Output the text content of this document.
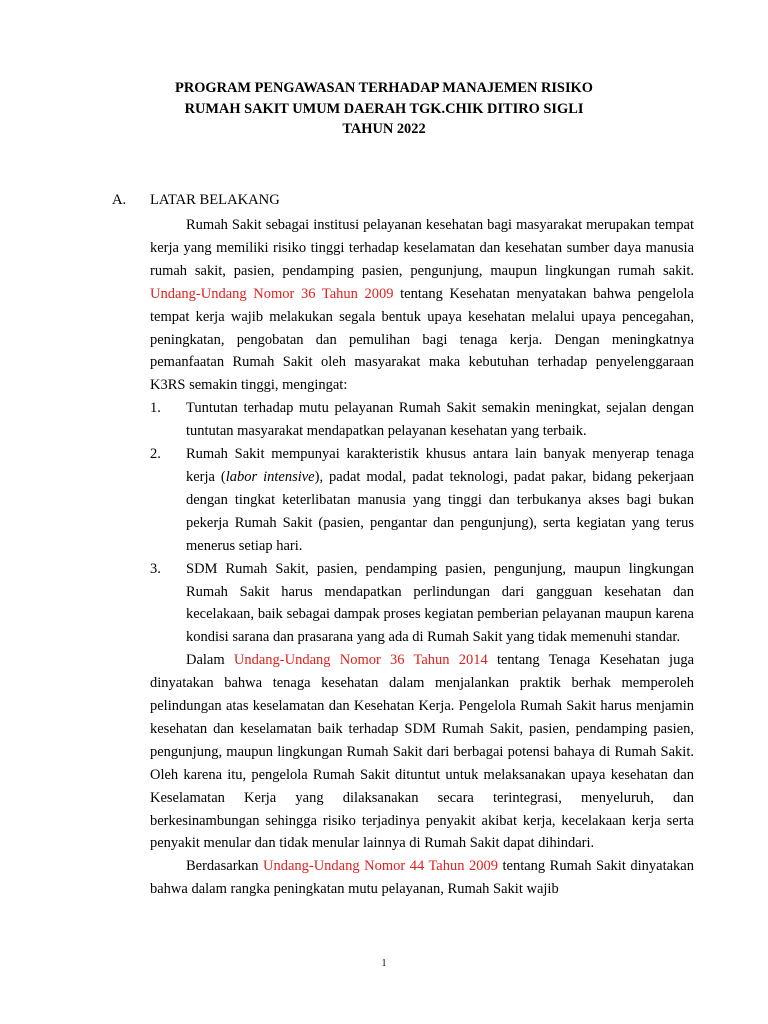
PROGRAM PENGAWASAN TERHADAP MANAJEMEN RISIKO
RUMAH SAKIT UMUM DAERAH TGK.CHIK DITIRO SIGLI
TAHUN 2022
A. LATAR BELAKANG

Rumah Sakit sebagai institusi pelayanan kesehatan bagi masyarakat merupakan tempat kerja yang memiliki risiko tinggi terhadap keselamatan dan kesehatan sumber daya manusia rumah sakit, pasien, pendamping pasien, pengunjung, maupun lingkungan rumah sakit. Undang-Undang Nomor 36 Tahun 2009 tentang Kesehatan menyatakan bahwa pengelola tempat kerja wajib melakukan segala bentuk upaya kesehatan melalui upaya pencegahan, peningkatan, pengobatan dan pemulihan bagi tenaga kerja. Dengan meningkatnya pemanfaatan Rumah Sakit oleh masyarakat maka kebutuhan terhadap penyelenggaraan K3RS semakin tinggi, mengingat:

1. Tuntutan terhadap mutu pelayanan Rumah Sakit semakin meningkat, sejalan dengan tuntutan masyarakat mendapatkan pelayanan kesehatan yang terbaik.
2. Rumah Sakit mempunyai karakteristik khusus antara lain banyak menyerap tenaga kerja (labor intensive), padat modal, padat teknologi, padat pakar, bidang pekerjaan dengan tingkat keterlibatan manusia yang tinggi dan terbukanya akses bagi bukan pekerja Rumah Sakit (pasien, pengantar dan pengunjung), serta kegiatan yang terus menerus setiap hari.
3. SDM Rumah Sakit, pasien, pendamping pasien, pengunjung, maupun lingkungan Rumah Sakit harus mendapatkan perlindungan dari gangguan kesehatan dan kecelakaan, baik sebagai dampak proses kegiatan pemberian pelayanan maupun karena kondisi sarana dan prasarana yang ada di Rumah Sakit yang tidak memenuhi standar.

Dalam Undang-Undang Nomor 36 Tahun 2014 tentang Tenaga Kesehatan juga dinyatakan bahwa tenaga kesehatan dalam menjalankan praktik berhak memperoleh pelindungan atas keselamatan dan Kesehatan Kerja. Pengelola Rumah Sakit harus menjamin kesehatan dan keselamatan baik terhadap SDM Rumah Sakit, pasien, pendamping pasien, pengunjung, maupun lingkungan Rumah Sakit dari berbagai potensi bahaya di Rumah Sakit. Oleh karena itu, pengelola Rumah Sakit dituntut untuk melaksanakan upaya kesehatan dan Keselamatan Kerja yang dilaksanakan secara terintegrasi, menyeluruh, dan berkesinambungan sehingga risiko terjadinya penyakit akibat kerja, kecelakaan kerja serta penyakit menular dan tidak menular lainnya di Rumah Sakit dapat dihindari.

Berdasarkan Undang-Undang Nomor 44 Tahun 2009 tentang Rumah Sakit dinyatakan bahwa dalam rangka peningkatan mutu pelayanan, Rumah Sakit wajib

1
